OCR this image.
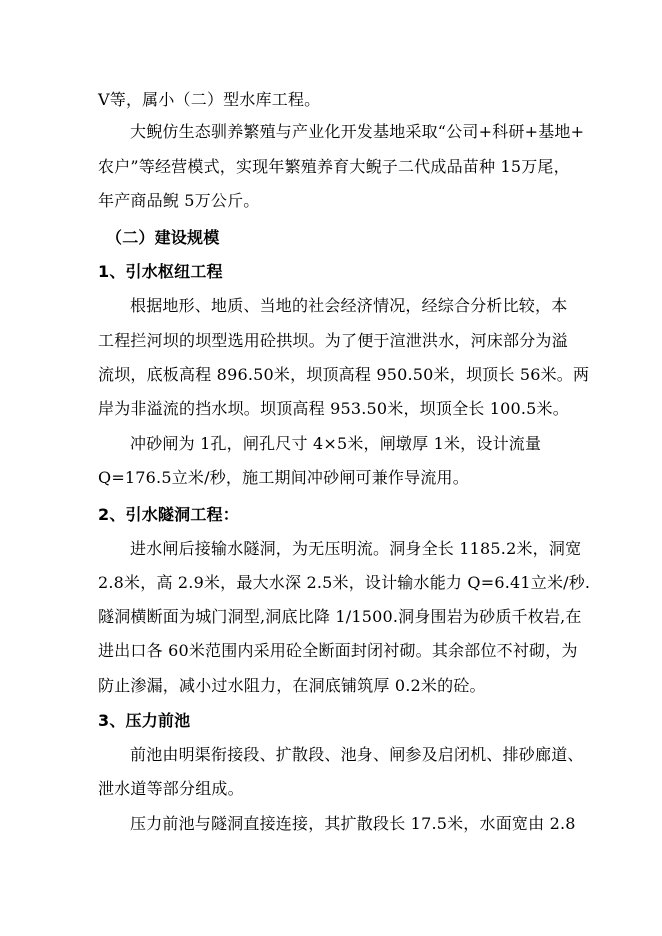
V等，属小（二）型水库工程。
大鲵仿生态驯养繁殖与产业化开发基地采取“公司+科研+基地+
农户”等经营模式，实现年繁殖养育大鲵子二代成品苗种 15万尾，
年产商品鲵 5万公斤。
（二）建设规模
1、引水枢纽工程
根据地形、地质、当地的社会经济情况，经综合分析比较，本
工程拦河坝的坝型选用砼拱坝。为了便于渲泄洪水，河床部分为溢
流坝，底板高程 896.50米，坝顶高程 950.50米，坝顶长 56米。两
岸为非溢流的挡水坝。坝顶高程 953.50米，坝顶全长 100.5米。
冲砂闸为 1孔，闸孔尺寸 4×5米，闸墩厚 1米，设计流量
Q=176.5立米/秒，施工期间冲砂闸可兼作导流用。
2、引水隧洞工程：
进水闸后接输水隧洞，为无压明流。洞身全长 1185.2米，洞宽
2.8米，高 2.9米，最大水深 2.5米，设计输水能力 Q=6.41立米/秒.
隧洞横断面为城门洞型,洞底比降 1/1500.洞身围岩为砂质千枚岩,在
进出口各 60米范围内采用砼全断面封闭衬砌。其余部位不衬砌，为
防止渗漏，减小过水阻力，在洞底铺筑厚 0.2米的砼。
3、压力前池
前池由明渠衔接段、扩散段、池身、闸参及启闭机、排砂廊道、
泄水道等部分组成。
压力前池与隧洞直接连接，其扩散段长 17.5米，水面宽由 2.8
